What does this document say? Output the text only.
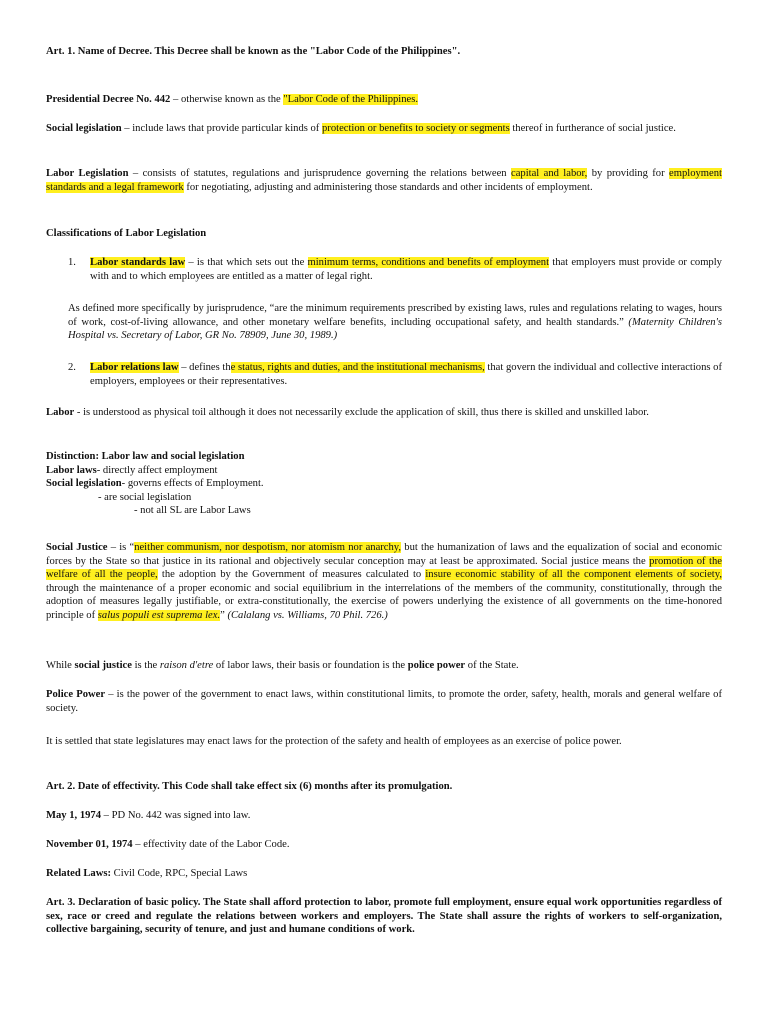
Art. 1. Name of Decree. This Decree shall be known as the "Labor Code of the Philippines".
Presidential Decree No. 442 – otherwise known as the "Labor Code of the Philippines.
Social legislation – include laws that provide particular kinds of protection or benefits to society or segments thereof in furtherance of social justice.
Labor Legislation – consists of statutes, regulations and jurisprudence governing the relations between capital and labor, by providing for employment standards and a legal framework for negotiating, adjusting and administering those standards and other incidents of employment.
Classifications of Labor Legislation
1. Labor standards law – is that which sets out the minimum terms, conditions and benefits of employment that employers must provide or comply with and to which employees are entitled as a matter of legal right.
As defined more specifically by jurisprudence, “are the minimum requirements prescribed by existing laws, rules and regulations relating to wages, hours of work, cost-of-living allowance, and other monetary welfare benefits, including occupational safety, and health standards.” (Maternity Children's Hospital vs. Secretary of Labor, GR No. 78909, June 30, 1989.)
2. Labor relations law – defines the status, rights and duties, and the institutional mechanisms, that govern the individual and collective interactions of employers, employees or their representatives.
Labor - is understood as physical toil although it does not necessarily exclude the application of skill, thus there is skilled and unskilled labor.
Distinction: Labor law and social legislation
Labor laws- directly affect employment
Social legislation- governs effects of Employment.
- are social legislation
- not all SL are Labor Laws
Social Justice – is “neither communism, nor despotism, nor atomism nor anarchy, but the humanization of laws and the equalization of social and economic forces by the State so that justice in its rational and objectively secular conception may at least be approximated. Social justice means the promotion of the welfare of all the people, the adoption by the Government of measures calculated to insure economic stability of all the component elements of society, through the maintenance of a proper economic and social equilibrium in the interrelations of the members of the community, constitutionally, through the adoption of measures legally justifiable, or extra-constitutionally, the exercise of powers underlying the existence of all governments on the time-honored principle of salus populi est suprema lex.” (Calalang vs. Williams, 70 Phil. 726.)
While social justice is the raison d'etre of labor laws, their basis or foundation is the police power of the State.
Police Power – is the power of the government to enact laws, within constitutional limits, to promote the order, safety, health, morals and general welfare of society.
It is settled that state legislatures may enact laws for the protection of the safety and health of employees as an exercise of police power.
Art. 2. Date of effectivity. This Code shall take effect six (6) months after its promulgation.
May 1, 1974 – PD No. 442 was signed into law.
November 01, 1974 – effectivity date of the Labor Code.
Related Laws: Civil Code, RPC, Special Laws
Art. 3. Declaration of basic policy. The State shall afford protection to labor, promote full employment, ensure equal work opportunities regardless of sex, race or creed and regulate the relations between workers and employers. The State shall assure the rights of workers to self-organization, collective bargaining, security of tenure, and just and humane conditions of work.
